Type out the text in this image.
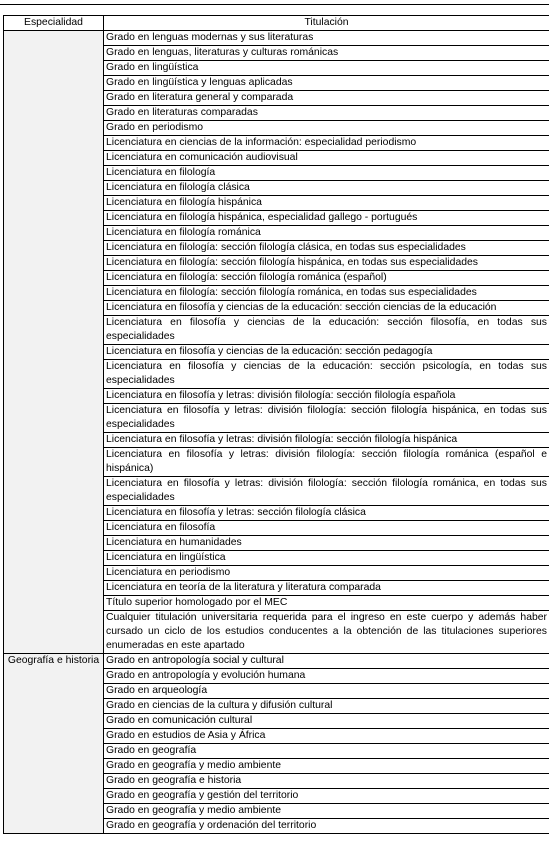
Especialidad	Titulación
	Grado en lenguas modernas y sus literaturas
	Grado en lenguas, literaturas y culturas románicas
	Grado en lingüística
	Grado en lingüística y lenguas aplicadas
	Grado en literatura general y comparada
	Grado en literaturas comparadas
	Grado en periodismo
	Licenciatura en ciencias de la información: especialidad periodismo
	Licenciatura en comunicación audiovisual
	Licenciatura en filología
	Licenciatura en filología clásica
	Licenciatura en filología hispánica
	Licenciatura en filología hispánica, especialidad gallego - portugués
	Licenciatura en filología románica
	Licenciatura en filología: sección filología clásica, en todas sus especialidades
	Licenciatura en filología: sección filología hispánica, en todas sus especialidades
	Licenciatura en filología: sección filología románica (español)
	Licenciatura en filología: sección filología románica, en todas sus especialidades
	Licenciatura en filosofía y ciencias de la educación: sección ciencias de la educación
	Licenciatura en filosofía y ciencias de la educación: sección filosofía, en todas sus especialidades
	Licenciatura en filosofía y ciencias de la educación: sección pedagogía
	Licenciatura en filosofía y ciencias de la educación: sección psicología, en todas sus especialidades
	Licenciatura en filosofía y letras: división filología: sección filología española
	Licenciatura en filosofía y letras: división filología: sección filología hispánica, en todas sus especialidades
	Licenciatura en filosofía y letras: división filología: sección filología hispánica
	Licenciatura en filosofía y letras: división filología: sección filología románica (español e hispánica)
	Licenciatura en filosofía y letras: división filología: sección filología románica, en todas sus especialidades
	Licenciatura en filosofía y letras: sección filología clásica
	Licenciatura en filosofía
	Licenciatura en humanidades
	Licenciatura en lingüística
	Licenciatura en periodismo
	Licenciatura en teoría de la literatura y literatura comparada
	Título superior homologado por el MEC
	Cualquier titulación universitaria requerida para el ingreso en este cuerpo y además haber cursado un ciclo de los estudios conducentes a la obtención de las titulaciones superiores enumeradas en este apartado
Geografía e historia	Grado en antropología social y cultural
	Grado en antropología y evolución humana
	Grado en arqueología
	Grado en ciencias de la cultura y difusión cultural
	Grado en comunicación cultural
	Grado en estudios de Asia y África
	Grado en geografía
	Grado en geografía y medio ambiente
	Grado en geografía e historia
	Grado en geografía y gestión del territorio
	Grado en geografía y medio ambiente
	Grado en geografía y ordenación del territorio
